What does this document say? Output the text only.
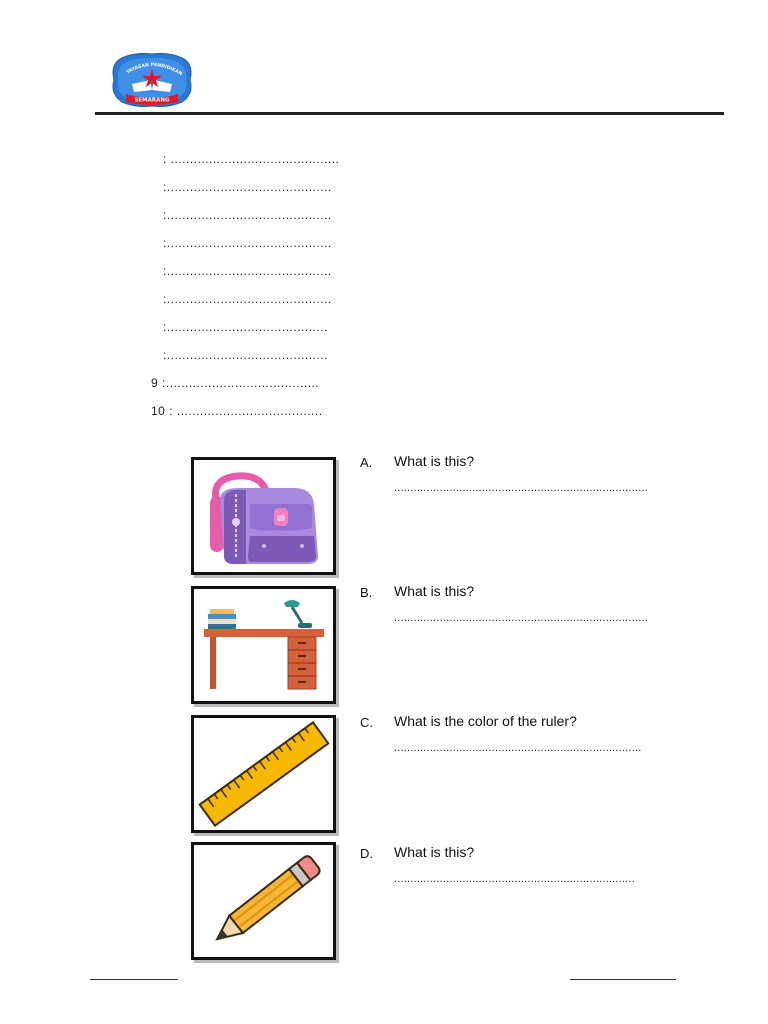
YAYASAN PENDIDIKAN
SEMARANG
: ............................................
:...........................................
:...........................................
:...........................................
:...........................................
:...........................................
:..........................................
:..........................................
9 :........................................
10 : ......................................
A. What is this?
..............................................................................
B. What is this?
..............................................................................
C. What is the color of the ruler?
............................................................................
D. What is this?
..........................................................................
